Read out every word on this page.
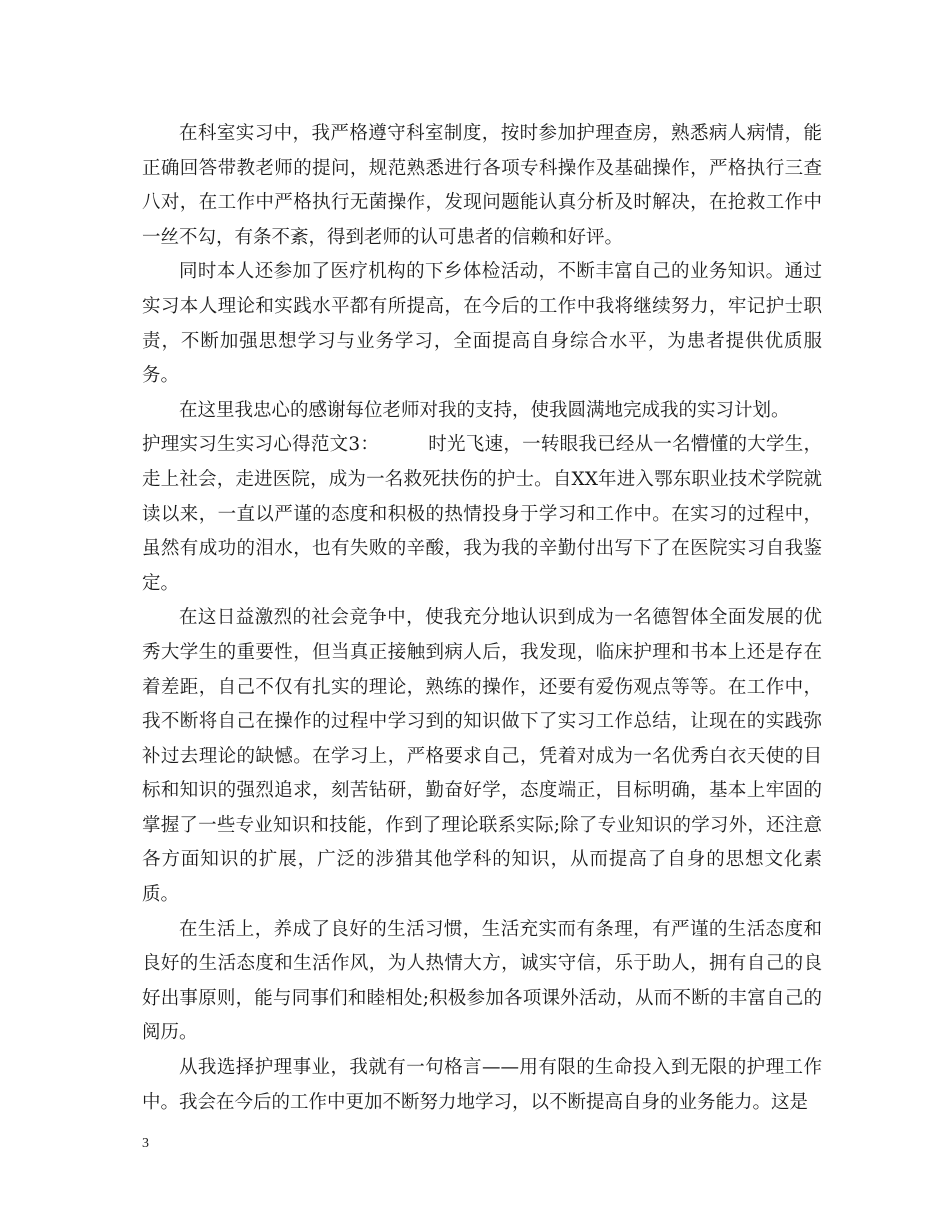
在科室实习中，我严格遵守科室制度，按时参加护理查房，熟悉病人病情，能正确回答带教老师的提问，规范熟悉进行各项专科操作及基础操作，严格执行三查八对，在工作中严格执行无菌操作，发现问题能认真分析及时解决，在抢救工作中一丝不勾，有条不紊，得到老师的认可患者的信赖和好评。

同时本人还参加了医疗机构的下乡体检活动，不断丰富自己的业务知识。通过实习本人理论和实践水平都有所提高，在今后的工作中我将继续努力，牢记护士职责，不断加强思想学习与业务学习，全面提高自身综合水平，为患者提供优质服务。

在这里我忠心的感谢每位老师对我的支持，使我圆满地完成我的实习计划。

护理实习生实习心得范文3：	时光飞速，一转眼我已经从一名懵懂的大学生，走上社会，走进医院，成为一名救死扶伤的护士。自XX年进入鄂东职业技术学院就读以来，一直以严谨的态度和积极的热情投身于学习和工作中。在实习的过程中，虽然有成功的泪水，也有失败的辛酸，我为我的辛勤付出写下了在医院实习自我鉴定。

在这日益激烈的社会竞争中，使我充分地认识到成为一名德智体全面发展的优秀大学生的重要性，但当真正接触到病人后，我发现，临床护理和书本上还是存在着差距，自己不仅有扎实的理论，熟练的操作，还要有爱伤观点等等。在工作中，我不断将自己在操作的过程中学习到的知识做下了实习工作总结，让现在的实践弥补过去理论的缺憾。在学习上，严格要求自己，凭着对成为一名优秀白衣天使的目标和知识的强烈追求，刻苦钻研，勤奋好学，态度端正，目标明确，基本上牢固的掌握了一些专业知识和技能，作到了理论联系实际;除了专业知识的学习外，还注意各方面知识的扩展，广泛的涉猎其他学科的知识，从而提高了自身的思想文化素质。

在生活上，养成了良好的生活习惯，生活充实而有条理，有严谨的生活态度和良好的生活态度和生活作风，为人热情大方，诚实守信，乐于助人，拥有自己的良好出事原则，能与同事们和睦相处;积极参加各项课外活动，从而不断的丰富自己的阅历。

从我选择护理事业，我就有一句格言——用有限的生命投入到无限的护理工作中。我会在今后的工作中更加不断努力地学习，以不断提高自身的业务能力。这是

3
